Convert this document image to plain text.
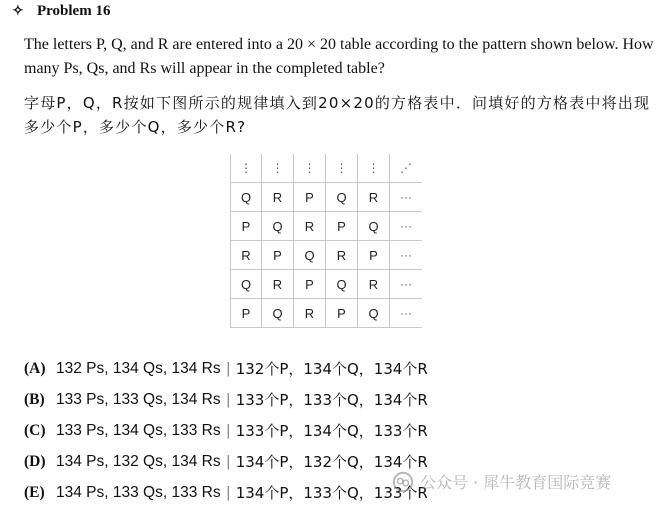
✧ Problem 16
The letters P, Q, and R are entered into a 20 × 20 table according to the pattern shown below. How many Ps, Qs, and Rs will appear in the completed table?
字母P，Q，R按如下图所示的规律填入到20×20的方格表中．问填好的方格表中将出现多少个P，多少个Q，多少个R?
⋮	⋮	⋮	⋮	⋮	⋰
Q	R	P	Q	R	···
P	Q	R	P	Q	···
R	P	Q	R	P	···
Q	R	P	Q	R	···
P	Q	R	P	Q	···
(A) 132 Ps, 134 Qs, 134 Rs | 132个P，134个Q，134个R
(B) 133 Ps, 133 Qs, 134 Rs | 133个P，133个Q，134个R
(C) 133 Ps, 134 Qs, 133 Rs | 133个P，134个Q，133个R
(D) 134 Ps, 132 Qs, 134 Rs | 134个P，132个Q，134个R
(E) 134 Ps, 133 Qs, 133 Rs | 134个P，133个Q，133个R
公众号 · 犀牛教育国际竞赛
